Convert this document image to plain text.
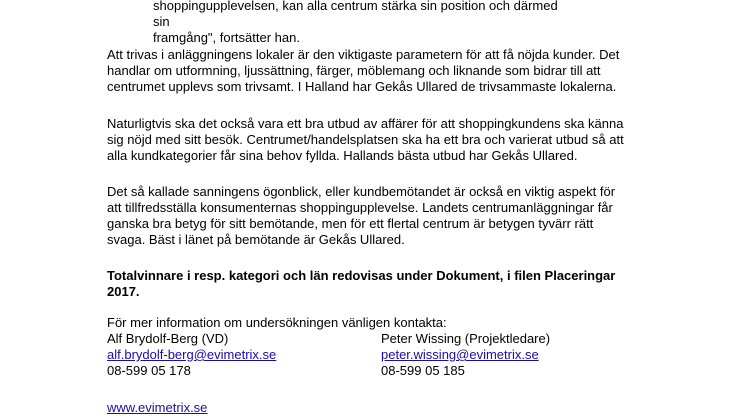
shoppingupplevelsen, kan alla centrum stärka sin position och därmed sin

framgång", fortsätter han.

Att trivas i anläggningens lokaler är den viktigaste parametern för att få nöjda kunder. Det handlar om utformning, ljussättning, färger, möblemang och liknande som bidrar till att centrumet upplevs som trivsamt. I Halland har Gekås Ullared de trivsammaste lokalerna.

Naturligtvis ska det också vara ett bra utbud av affärer för att shoppingkundens ska känna sig nöjd med sitt besök. Centrumet/handelsplatsen ska ha ett bra och varierat utbud så att alla kundkategorier får sina behov fyllda. Hallands bästa utbud har Gekås Ullared.

Det så kallade sanningens ögonblick, eller kundbemötandet är också en viktig aspekt för att tillfredsställa konsumenternas shoppingupplevelse. Landets centrumanläggningar får ganska bra betyg för sitt bemötande, men för ett flertal centrum är betygen tyvärr rätt svaga. Bäst i länet på bemötande är Gekås Ullared.

Totalvinnare i resp. kategori och län redovisas under Dokument, i filen Placeringar 2017.

För mer information om undersökningen vänligen kontakta:
Alf Brydolf-Berg (VD)	Peter Wissing (Projektledare)
alf.brydolf-berg@evimetrix.se	peter.wissing@evimetrix.se
08-599 05 178	08-599 05 185
www.evimetrix.se
